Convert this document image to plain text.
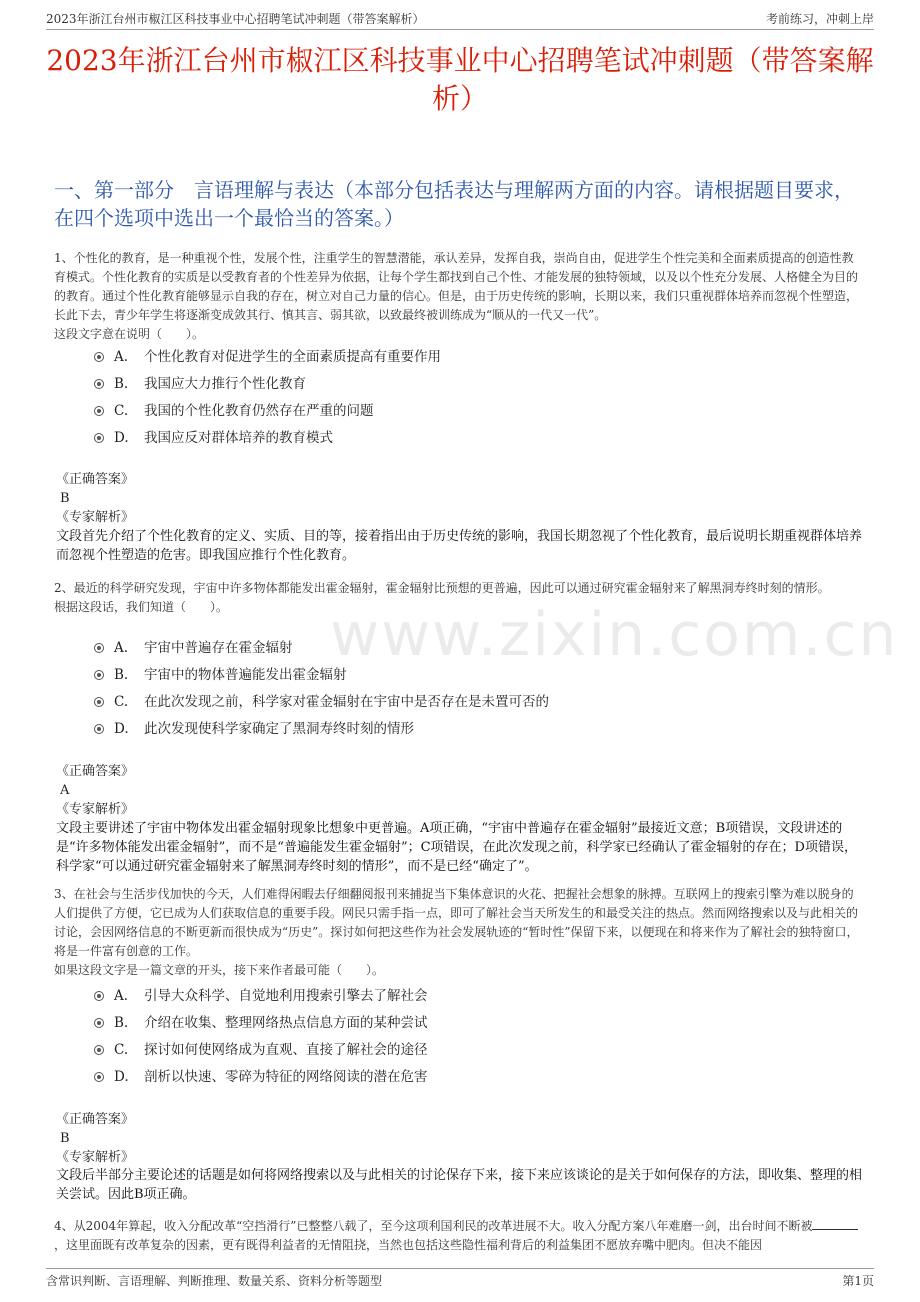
2023年浙江台州市椒江区科技事业中心招聘笔试冲刺题（带答案解析）	考前练习，冲刺上岸
2023年浙江台州市椒江区科技事业中心招聘笔试冲刺题（带答案解析）
一、第一部分　言语理解与表达（本部分包括表达与理解两方面的内容。请根据题目要求，在四个选项中选出一个最恰当的答案。）
www.zixin.com.cn
1、个性化的教育，是一种重视个性，发展个性，注重学生的智慧潜能，承认差异，发挥自我，崇尚自由，促进学生个性完美和全面素质提高的创造性教育模式。个性化教育的实质是以受教育者的个性差异为依据，让每个学生都找到自己个性、才能发展的独特领域，以及以个性充分发展、人格健全为目的的教育。通过个性化教育能够显示自我的存在，树立对自己力量的信心。但是，由于历史传统的影响，长期以来，我们只重视群体培养而忽视个性塑造，长此下去，青少年学生将逐渐变成敛其行、慎其言、弱其欲，以致最终被训练成为“顺从的一代又一代”。
这段文字意在说明（　　）。
A. 个性化教育对促进学生的全面素质提高有重要作用
B. 我国应大力推行个性化教育
C. 我国的个性化教育仍然存在严重的问题
D. 我国应反对群体培养的教育模式
《正确答案》
B
《专家解析》
文段首先介绍了个性化教育的定义、实质、目的等，接着指出由于历史传统的影响，我国长期忽视了个性化教育，最后说明长期重视群体培养而忽视个性塑造的危害。即我国应推行个性化教育。
2、最近的科学研究发现，宇宙中许多物体都能发出霍金辐射，霍金辐射比预想的更普遍，因此可以通过研究霍金辐射来了解黑洞寿终时刻的情形。
根据这段话，我们知道（　　）。
A. 宇宙中普遍存在霍金辐射
B. 宇宙中的物体普遍能发出霍金辐射
C. 在此次发现之前，科学家对霍金辐射在宇宙中是否存在是未置可否的
D. 此次发现使科学家确定了黑洞寿终时刻的情形
《正确答案》
A
《专家解析》
文段主要讲述了宇宙中物体发出霍金辐射现象比想象中更普遍。A项正确，“宇宙中普遍存在霍金辐射”最接近文意；B项错误，文段讲述的是“许多物体能发出霍金辐射”，而不是“普遍能发生霍金辐射”；C项错误，在此次发现之前，科学家已经确认了霍金辐射的存在；D项错误，科学家“可以通过研究霍金辐射来了解黑洞寿终时刻的情形”，而不是已经“确定了”。
3、在社会与生活步伐加快的今天，人们难得闲暇去仔细翻阅报刊来捕捉当下集体意识的火花、把握社会想象的脉搏。互联网上的搜索引擎为难以脱身的人们提供了方便，它已成为人们获取信息的重要手段。网民只需手指一点，即可了解社会当天所发生的和最受关注的热点。然而网络搜索以及与此相关的讨论，会因网络信息的不断更新而很快成为“历史”。探讨如何把这些作为社会发展轨迹的“暂时性”保留下来，以便现在和将来作为了解社会的独特窗口，将是一件富有创意的工作。
如果这段文字是一篇文章的开头，接下来作者最可能（　　）。
A. 引导大众科学、自觉地利用搜索引擎去了解社会
B. 介绍在收集、整理网络热点信息方面的某种尝试
C. 探讨如何使网络成为直观、直接了解社会的途径
D. 剖析以快速、零碎为特征的网络阅读的潜在危害
《正确答案》
B
《专家解析》
文段后半部分主要论述的话题是如何将网络搜索以及与此相关的讨论保存下来，接下来应该谈论的是关于如何保存的方法，即收集、整理的相关尝试。因此B项正确。
4、从2004年算起，收入分配改革“空挡滑行”已整整八载了，至今这项利国利民的改革进展不大。收入分配方案八年难磨一剑，出台时间不断被，这里面既有改革复杂的因素，更有既得利益者的无情阻挠，当然也包括这些隐性福利背后的利益集团不愿放弃嘴中肥肉。但决不能因
含常识判断、言语理解、判断推理、数量关系、资料分析等题型	第1页
